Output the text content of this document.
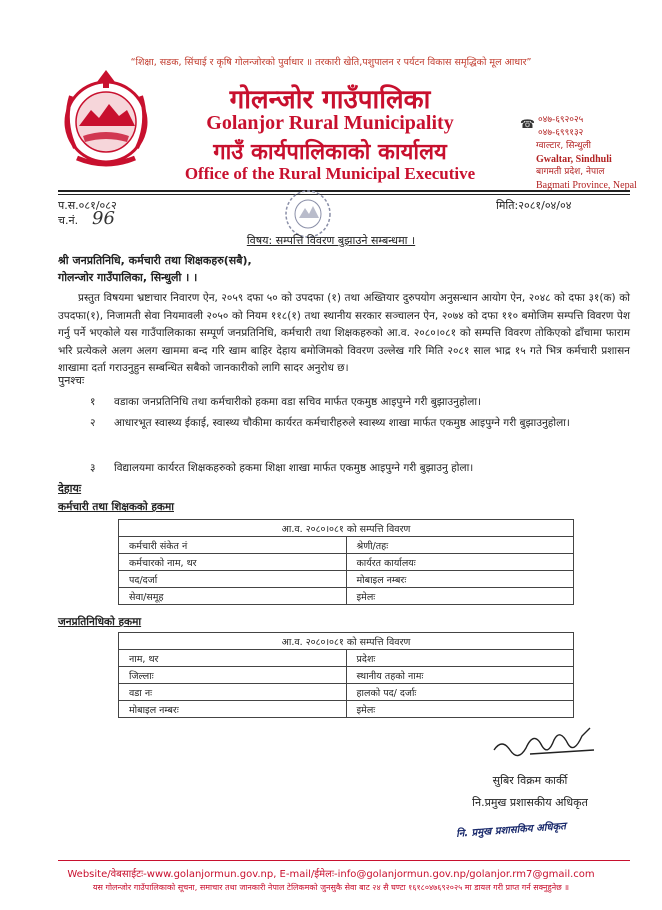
“शिक्षा, सडक, सिंचाई र कृषि गोलन्जोरको पुर्वाधार ॥ तरकारी खेति,पशुपालन र पर्यटन विकास समृद्धिको मूल आधार”
गोलन्जोर गाउँपालिका
Golanjor Rural Municipality
गाउँ कार्यपालिकाको कार्यालय
Office of the Rural Municipal Executive
☎ ०४७-६९२०२५
०४७-६९९१३२
ग्वाल्टार, सिन्धुली
Gwaltar, Sindhuli
बागमती प्रदेश, नेपाल
Bagmati Province, Nepal
प.स.०८१/०८२	मिति:२०८१/०४/०४
च.नं. 96
विषय: सम्पत्ति विवरण बुझाउने सम्बन्धमा ।
श्री जनप्रतिनिधि, कर्मचारी तथा शिक्षकहरु(सबै),
गोलन्जोर गाउँपालिका, सिन्धुली । ।
प्रस्तुत विषयमा भ्रष्टाचार निवारण ऐन, २०५९ दफा ५० को उपदफा (१) तथा अख्तियार दुरुपयोग अनुसन्धान आयोग ऐन, २०४८ को दफा ३१(क) को उपदफा(१), निजामती सेवा नियमावली २०५० को नियम ११८(१) तथा स्थानीय सरकार सञ्चालन ऐन, २०७४ को दफा ११० बमोजिम सम्पत्ति विवरण पेश गर्नु पर्ने भएकोले यस गाउँपालिकाका सम्पूर्ण जनप्रतिनिधि, कर्मचारी तथा शिक्षकहरुको आ.व. २०८०।०८१ को सम्पत्ति विवरण तोकिएको ढाँचामा फाराम भरि प्रत्येकले अलग अलग खाममा बन्द गरि खाम बाहिर देहाय बमोजिमको विवरण उल्लेख गरि मिति २०८१ साल भाद्र १५ गते भित्र कर्मचारी प्रशासन शाखामा दर्ता गराउनुहुन सम्बन्धित सबैको जानकारीको लागि सादर अनुरोध छ।
पुनश्चः
१ वडाका जनप्रतिनिधि तथा कर्मचारीको हकमा वडा सचिव मार्फत एकमुष्ठ आइपुग्ने गरी बुझाउनुहोला।
२ आधारभूत स्वास्थ्य ईकाई, स्वास्थ्य चौकीमा कार्यरत कर्मचारीहरुले स्वास्थ्य शाखा मार्फत एकमुष्ठ आइपुग्ने गरी बुझाउनुहोला।
३ विद्यालयमा कार्यरत शिक्षकहरुको हकमा शिक्षा शाखा मार्फत एकमुष्ठ आइपुग्ने गरी बुझाउनु होला।
देहायः
कर्मचारी तथा शिक्षकको हकमा
आ.व. २०८०।०८१ को सम्पत्ति विवरण	
कर्मचारी संकेत नं	श्रेणी/तहः
कर्मचारको नाम, थर	कार्यरत कार्यालयः
पद/दर्जा	मोबाइल नम्बरः
सेवा/समूह	इमेलः
जनप्रतिनिधिको हकमा
आ.व. २०८०।०८१ को सम्पत्ति विवरण	
नाम, थर	प्रदेशः
जिल्लाः	स्थानीय तहको नामः
वडा नः	हालको पद/ दर्जाः
मोबाइल नम्बरः	इमेलः
सुबिर विक्रम कार्की
नि.प्रमुख प्रशासकीय अधिकृत
नि. प्रमुख प्रशासकिय अधिकृत
Website/वेबसाईटः-www.golanjormun.gov.np, E-mail/ईमेलः-info@golanjormun.gov.np/golanjor.rm7@gmail.com
यस गोलन्जोर गाउँपालिकाको सूचना, समाचार तथा जानकारी नेपाल टेलिकमको जुनसुकै सेवा बाट २४ सै घण्टा १६१८०४७६९२०२५ मा डायल गरी प्राप्त गर्न सक्नुहुनेछ ॥
